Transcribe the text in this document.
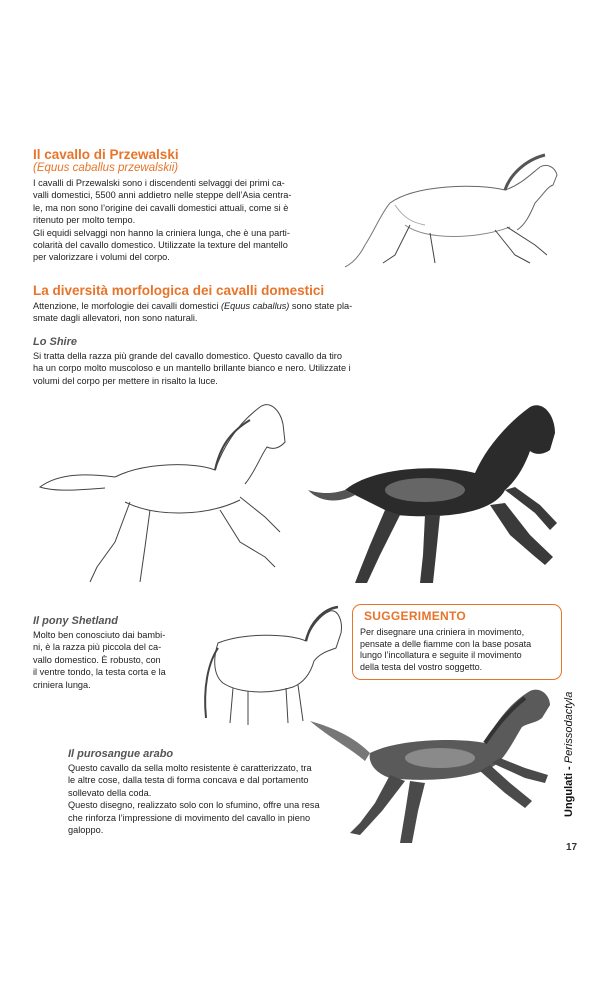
Il cavallo di Przewalski
(Equus caballus przewalskii)
I cavalli di Przewalski sono i discendenti selvaggi dei primi ca-
valli domestici, 5500 anni addietro nelle steppe dell’Asia centra-
le, ma non sono l’origine dei cavalli domestici attuali, come si è
ritenuto per molto tempo.
Gli equidi selvaggi non hanno la criniera lunga, che è una parti-
colarità del cavallo domestico. Utilizzate la texture del mantello
per valorizzare i volumi del corpo.
La diversità morfologica dei cavalli domestici
Attenzione, le morfologie dei cavalli domestici (Equus caballus) sono state pla-
smate dagli allevatori, non sono naturali.
Lo Shire
Si tratta della razza più grande del cavallo domestico. Questo cavallo da tiro
ha un corpo molto muscoloso e un mantello brillante bianco e nero. Utilizzate i
volumi del corpo per mettere in risalto la luce.
Il pony Shetland
Molto ben conosciuto dai bambi-
ni, è la razza più piccola del ca-
vallo domestico. È robusto, con
il ventre tondo, la testa corta e la
criniera lunga.
SUGGERIMENTO
Per disegnare una criniera in movimento,
pensate a delle fiamme con la base posata
lungo l’incollatura e seguite il movimento
della testa del vostro soggetto.
Il purosangue arabo
Questo cavallo da sella molto resistente è caratterizzato, tra
le altre cose, dalla testa di forma concava e dal portamento
sollevato della coda.
Questo disegno, realizzato solo con lo sfumino, offre una resa
che rinforza l’impressione di movimento del cavallo in pieno
galoppo.
Ungulati - Perissodactyla
17
